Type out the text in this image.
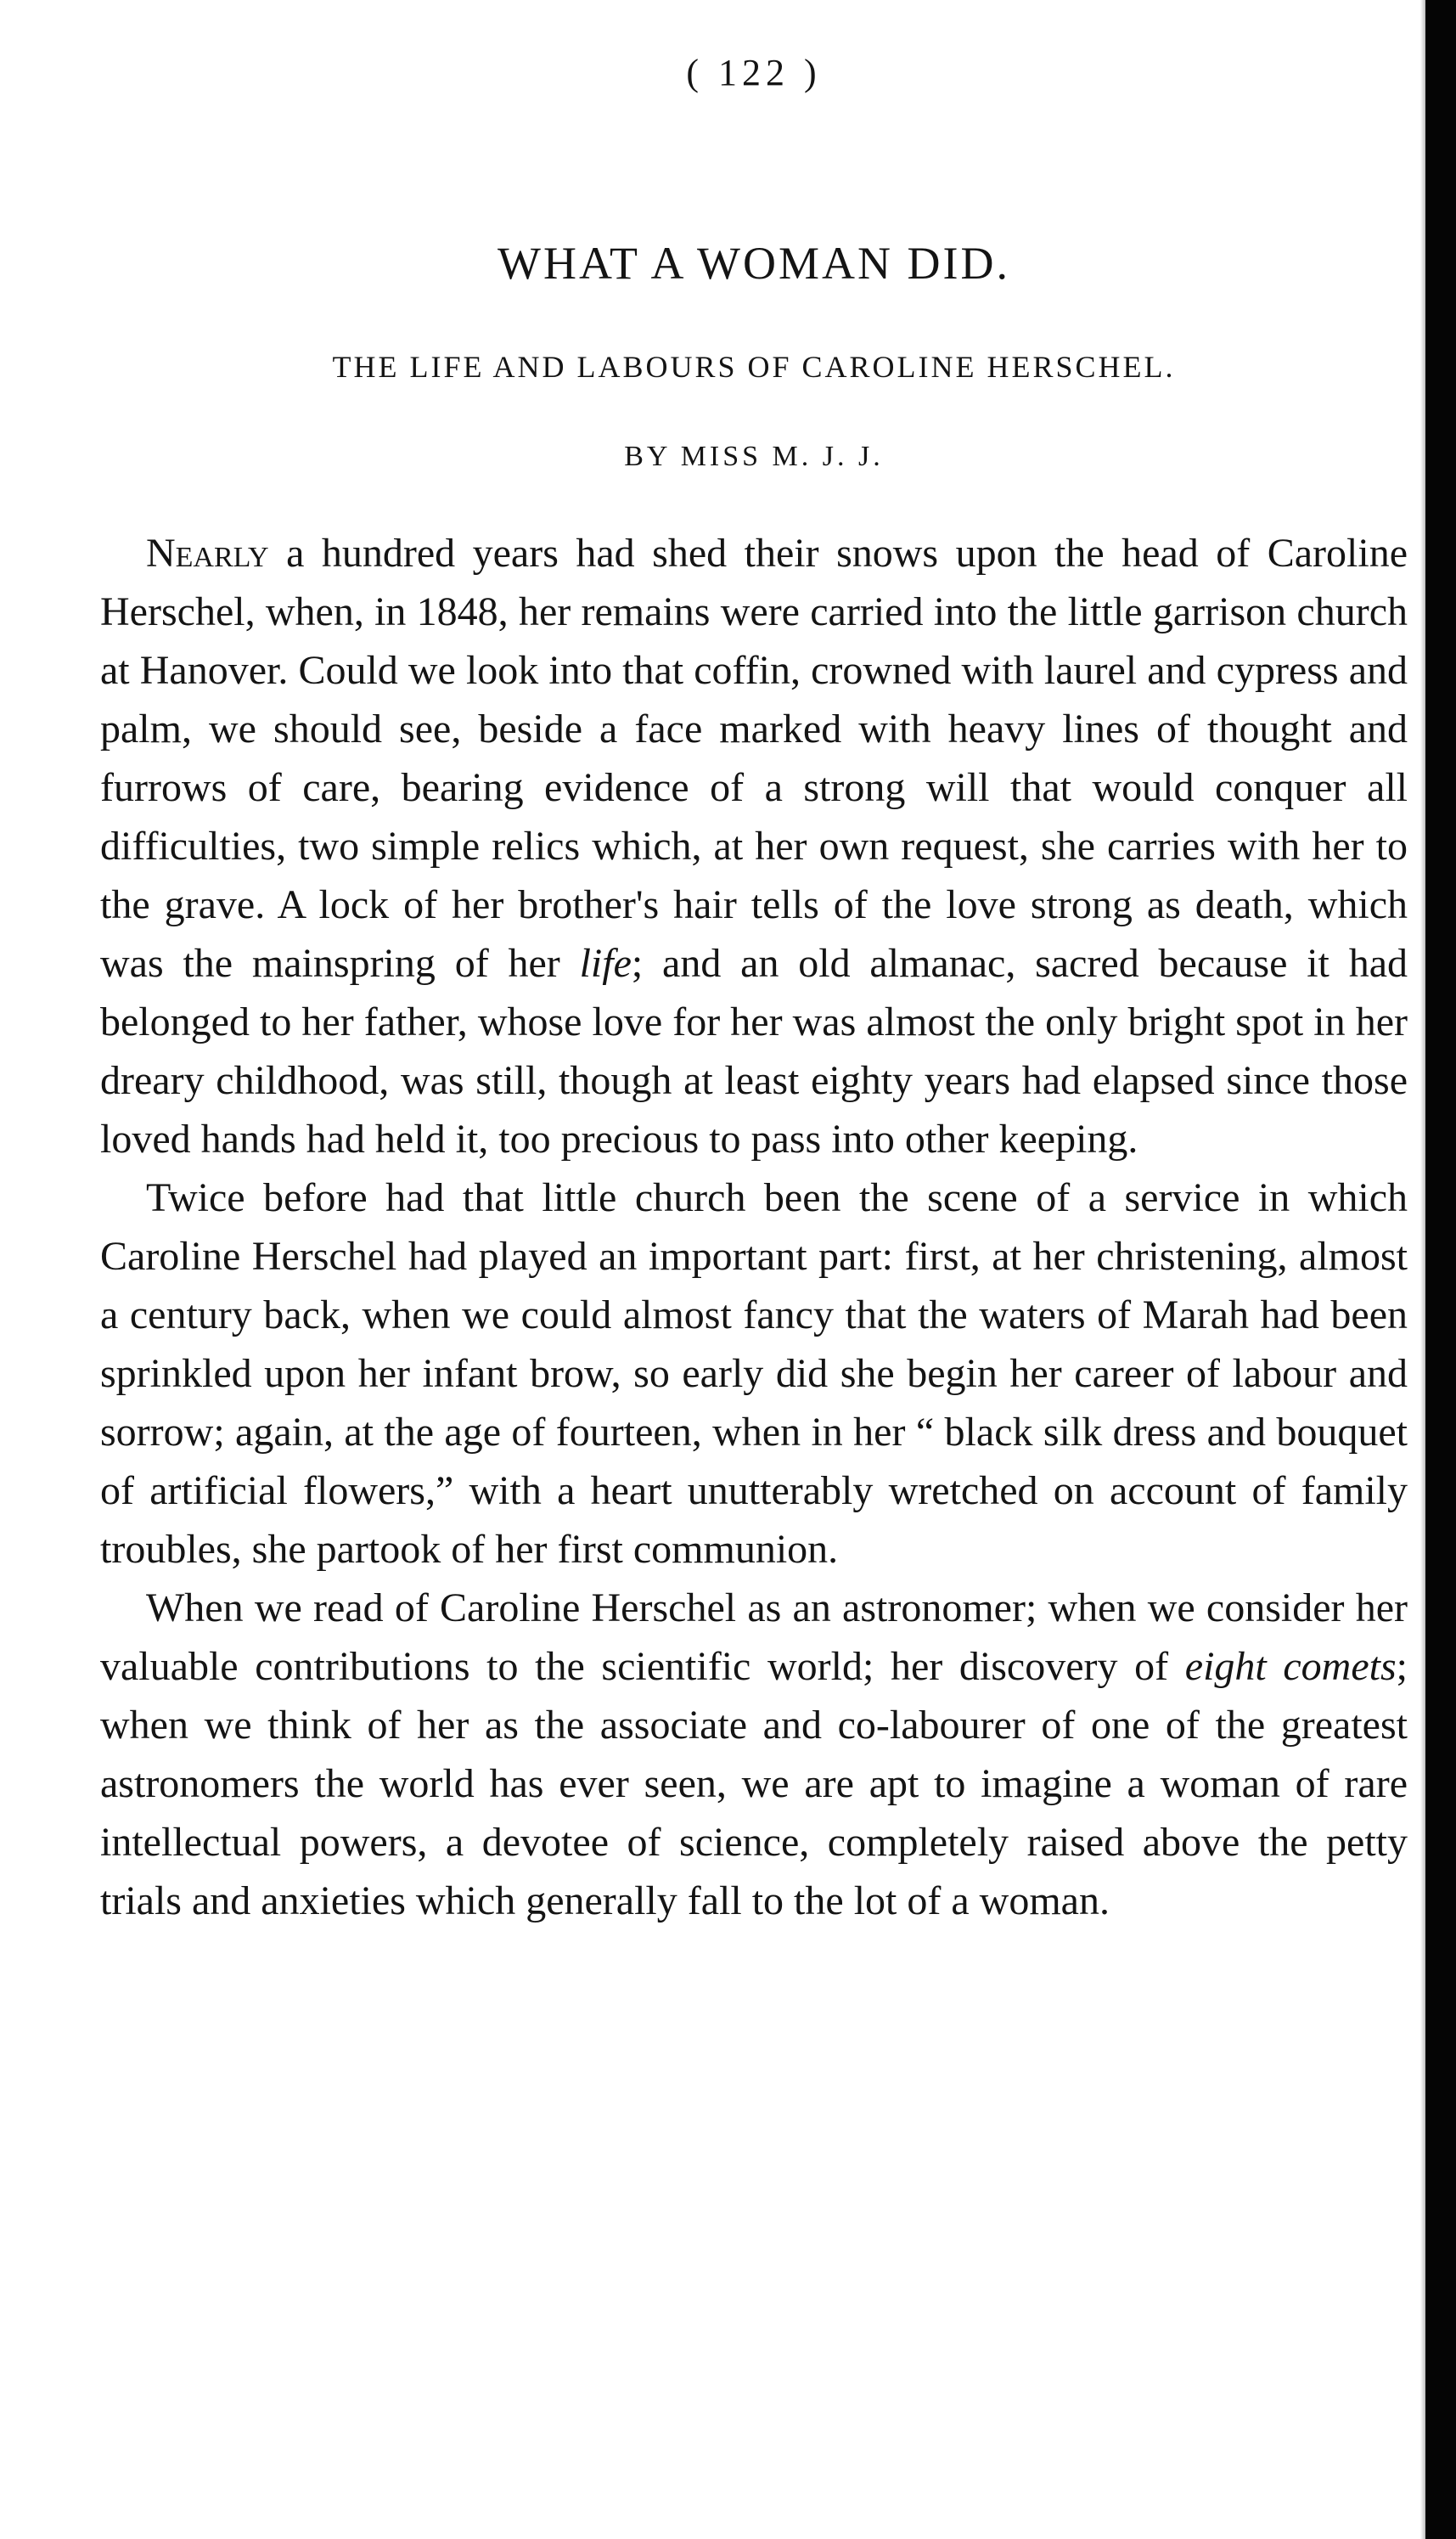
( 122 )
WHAT A WOMAN DID.
THE LIFE AND LABOURS OF CAROLINE HERSCHEL.
BY MISS M. J. J.

Nearly a hundred years had shed their snows upon the head of Caroline Herschel, when, in 1848, her remains were carried into the little garrison church at Hanover. Could we look into that coffin, crowned with laurel and cypress and palm, we should see, beside a face marked with heavy lines of thought and furrows of care, bearing evidence of a strong will that would conquer all difficulties, two simple relics which, at her own request, she carries with her to the grave. A lock of her brother's hair tells of the love strong as death, which was the mainspring of her life; and an old almanac, sacred because it had belonged to her father, whose love for her was almost the only bright spot in her dreary childhood, was still, though at least eighty years had elapsed since those loved hands had held it, too precious to pass into other keeping.

Twice before had that little church been the scene of a service in which Caroline Herschel had played an important part: first, at her christening, almost a century back, when we could almost fancy that the waters of Marah had been sprinkled upon her infant brow, so early did she begin her career of labour and sorrow; again, at the age of fourteen, when in her “ black silk dress and bouquet of artificial flowers,” with a heart unutterably wretched on account of family troubles, she partook of her first communion.

When we read of Caroline Herschel as an astronomer; when we consider her valuable contributions to the scientific world; her discovery of eight comets; when we think of her as the associate and co-labourer of one of the greatest astronomers the world has ever seen, we are apt to imagine a woman of rare intellectual powers, a devotee of science, completely raised above the petty trials and anxieties which generally fall to the lot of a woman.
